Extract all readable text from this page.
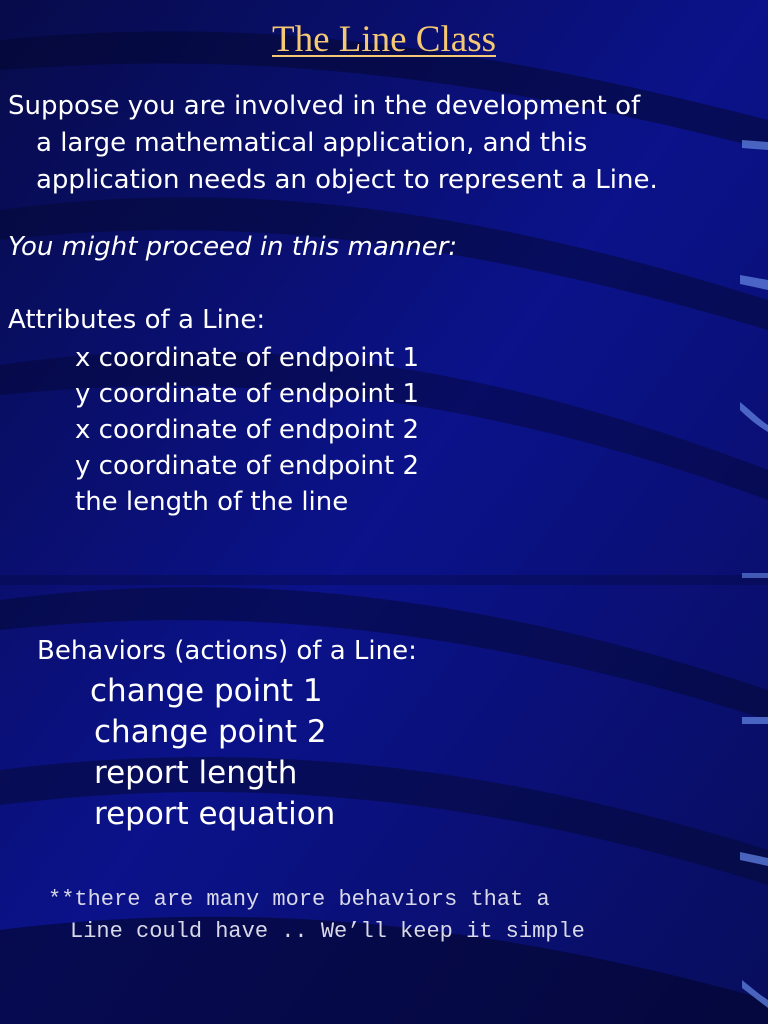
The Line Class
Suppose you are involved in the development of
a large mathematical application, and this
application needs an object to represent a Line.
You might proceed in this manner:
Attributes of a Line:
x coordinate of endpoint 1
y coordinate of endpoint 1
x coordinate of endpoint 2
y coordinate of endpoint 2
the length of the line
Behaviors (actions) of a Line:
change point 1
change point 2
report length
report equation
**there are many more behaviors that a
Line could have .. We’ll keep it simple
